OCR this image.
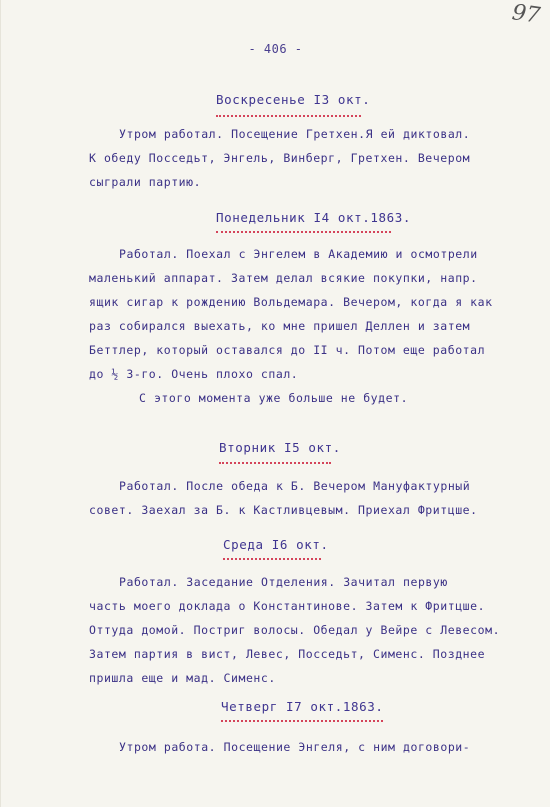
97
- 406 -
Воскресенье I3 окт.
Утром работал. Посещение Гретхен.Я ей диктовал.
К обеду Посседьт, Энгель, Винберг, Гретхен. Вечером
сыграли партию.
Понедельник I4 окт.1863.
Работал. Поехал с Энгелем в Академию и осмотрели
маленький аппарат. Затем делал всякие покупки, напр.
ящик сигар к рождению Вольдемара. Вечером, когда я как
раз собирался выехать, ко мне пришел Деллен и затем
Беттлер, который оставался до II ч. Потом еще работал
до ½ 3-го. Очень плохо спал.
С этого момента уже больше не будет.
Вторник I5 окт.
Работал. После обеда к Б. Вечером Мануфактурный
совет. Заехал за Б. к Кастливцевым. Приехал Фритцше.
Среда I6 окт.
Работал. Заседание Отделения. Зачитал первую
часть моего доклада о Константинове. Затем к Фритцше.
Оттуда домой. Постриг волосы. Обедал у Вейре с Левесом.
Затем партия в вист, Левес, Посседьт, Сименс. Позднее
пришла еще и мад. Сименс.
Четверг I7 окт.1863.
Утром работа. Посещение Энгеля, с ним договори-
